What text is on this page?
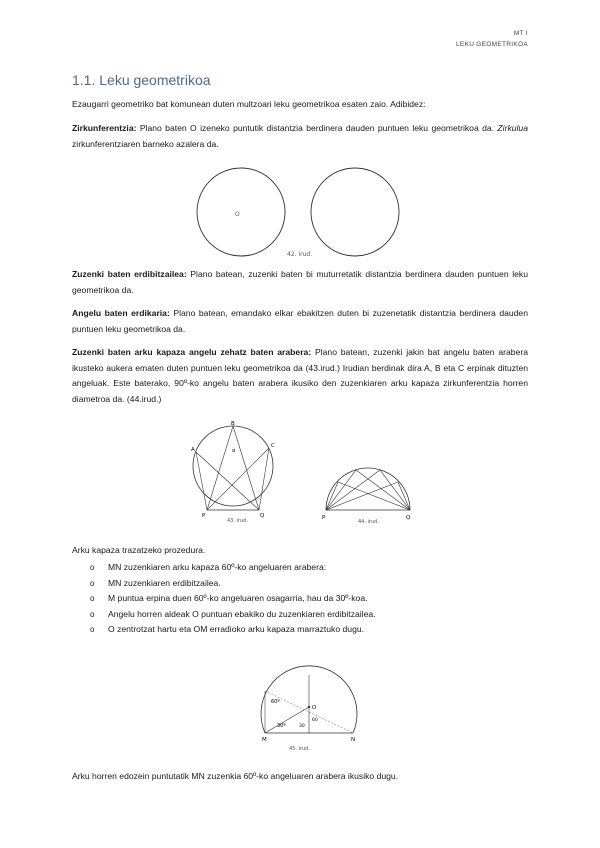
MT I
LEKU GEOMETRIKOA
1.1. Leku geometrikoa

Ezaugarri geometriko bat komunean duten multzoari leku geometrikoa esaten zaio. Adibidez:

Zirkunferentzia: Plano baten O izeneko puntutik distantzia berdinera dauden puntuen leku geometrikoa da. Zirkulua zirkunferentziaren barneko azalera da.

O
42. irud.

Zuzenki baten erdibitzailea: Plano batean, zuzenki baten bi muturretatik distantzia berdinera dauden puntuen leku geometrikoa da.

Angelu baten erdikaria: Plano batean, emandako elkar ebakitzen duten bi zuzenetatik distantzia berdinera dauden puntuen leku geometrikoa da.

Zuzenki baten arku kapaza angelu zehatz baten arabera: Plano batean, zuzenki jakin bat angelu baten arabera ikusteko aukera ematen duten puntuen leku geometrikoa da (43.irud.) Irudian berdinak dira A, B eta C erpinak dituzten angeluak. Este baterako, 90º-ko angelu baten arabera ikusiko den zuzenkiaren arku kapaza zirkunferentzia horren diametroa da. (44.irud.)

A
B
C
P	Q
α
43. irud.	P	Q
44. irud.

Arku kapaza trazatzeko prozedura.

o MN zuzenkiaren arku kapaza 60º-ko angeluaren arabera:
o MN zuzenkiaren erdibitzailea.
o M puntua erpina duen 60º-ko angeluaren osagarria, hau da 30º-koa.
o Angelu horren aldeak O puntuan ebakiko du zuzenkiaren erdibitzailea.
o O zentrotzat hartu eta OM erradioko arku kapaza marraztuko dugu.
60º
30º
O
60
30
M	N
45. irud.

Arku horren edozein puntutatik MN zuzenkia 60º-ko angeluaren arabera ikusiko dugu.
